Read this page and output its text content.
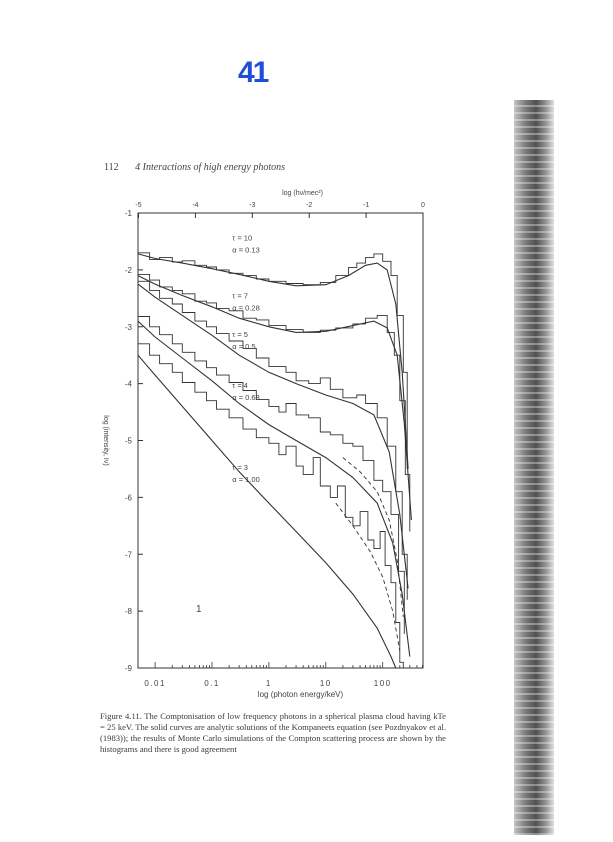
41
112 4 Interactions of high energy photons
-1
-2
-3
-4
-5
-6
-7
-8
-9
0.01	0.1	1	10	100
-5	-4	-3	-2	-1	0
log (photon energy/keV)
log (hν/mec²)
log (intensity, Iν)
τ = 10
α = 0.13
τ = 7
α = 0.28
τ = 5
α = 0.5
τ = 4
α = 0.68
τ = 3
α = 1.00
1
Figure 4.11. The Comptonisation of low frequency photons in a spherical plasma cloud having kTe = 25 keV. The solid curves are analytic solutions of the Kompaneets equation (see Pozdnyakov et al. (1983)); the results of Monte Carlo simulations of the Compton scattering process are shown by the histograms and there is good agreement
